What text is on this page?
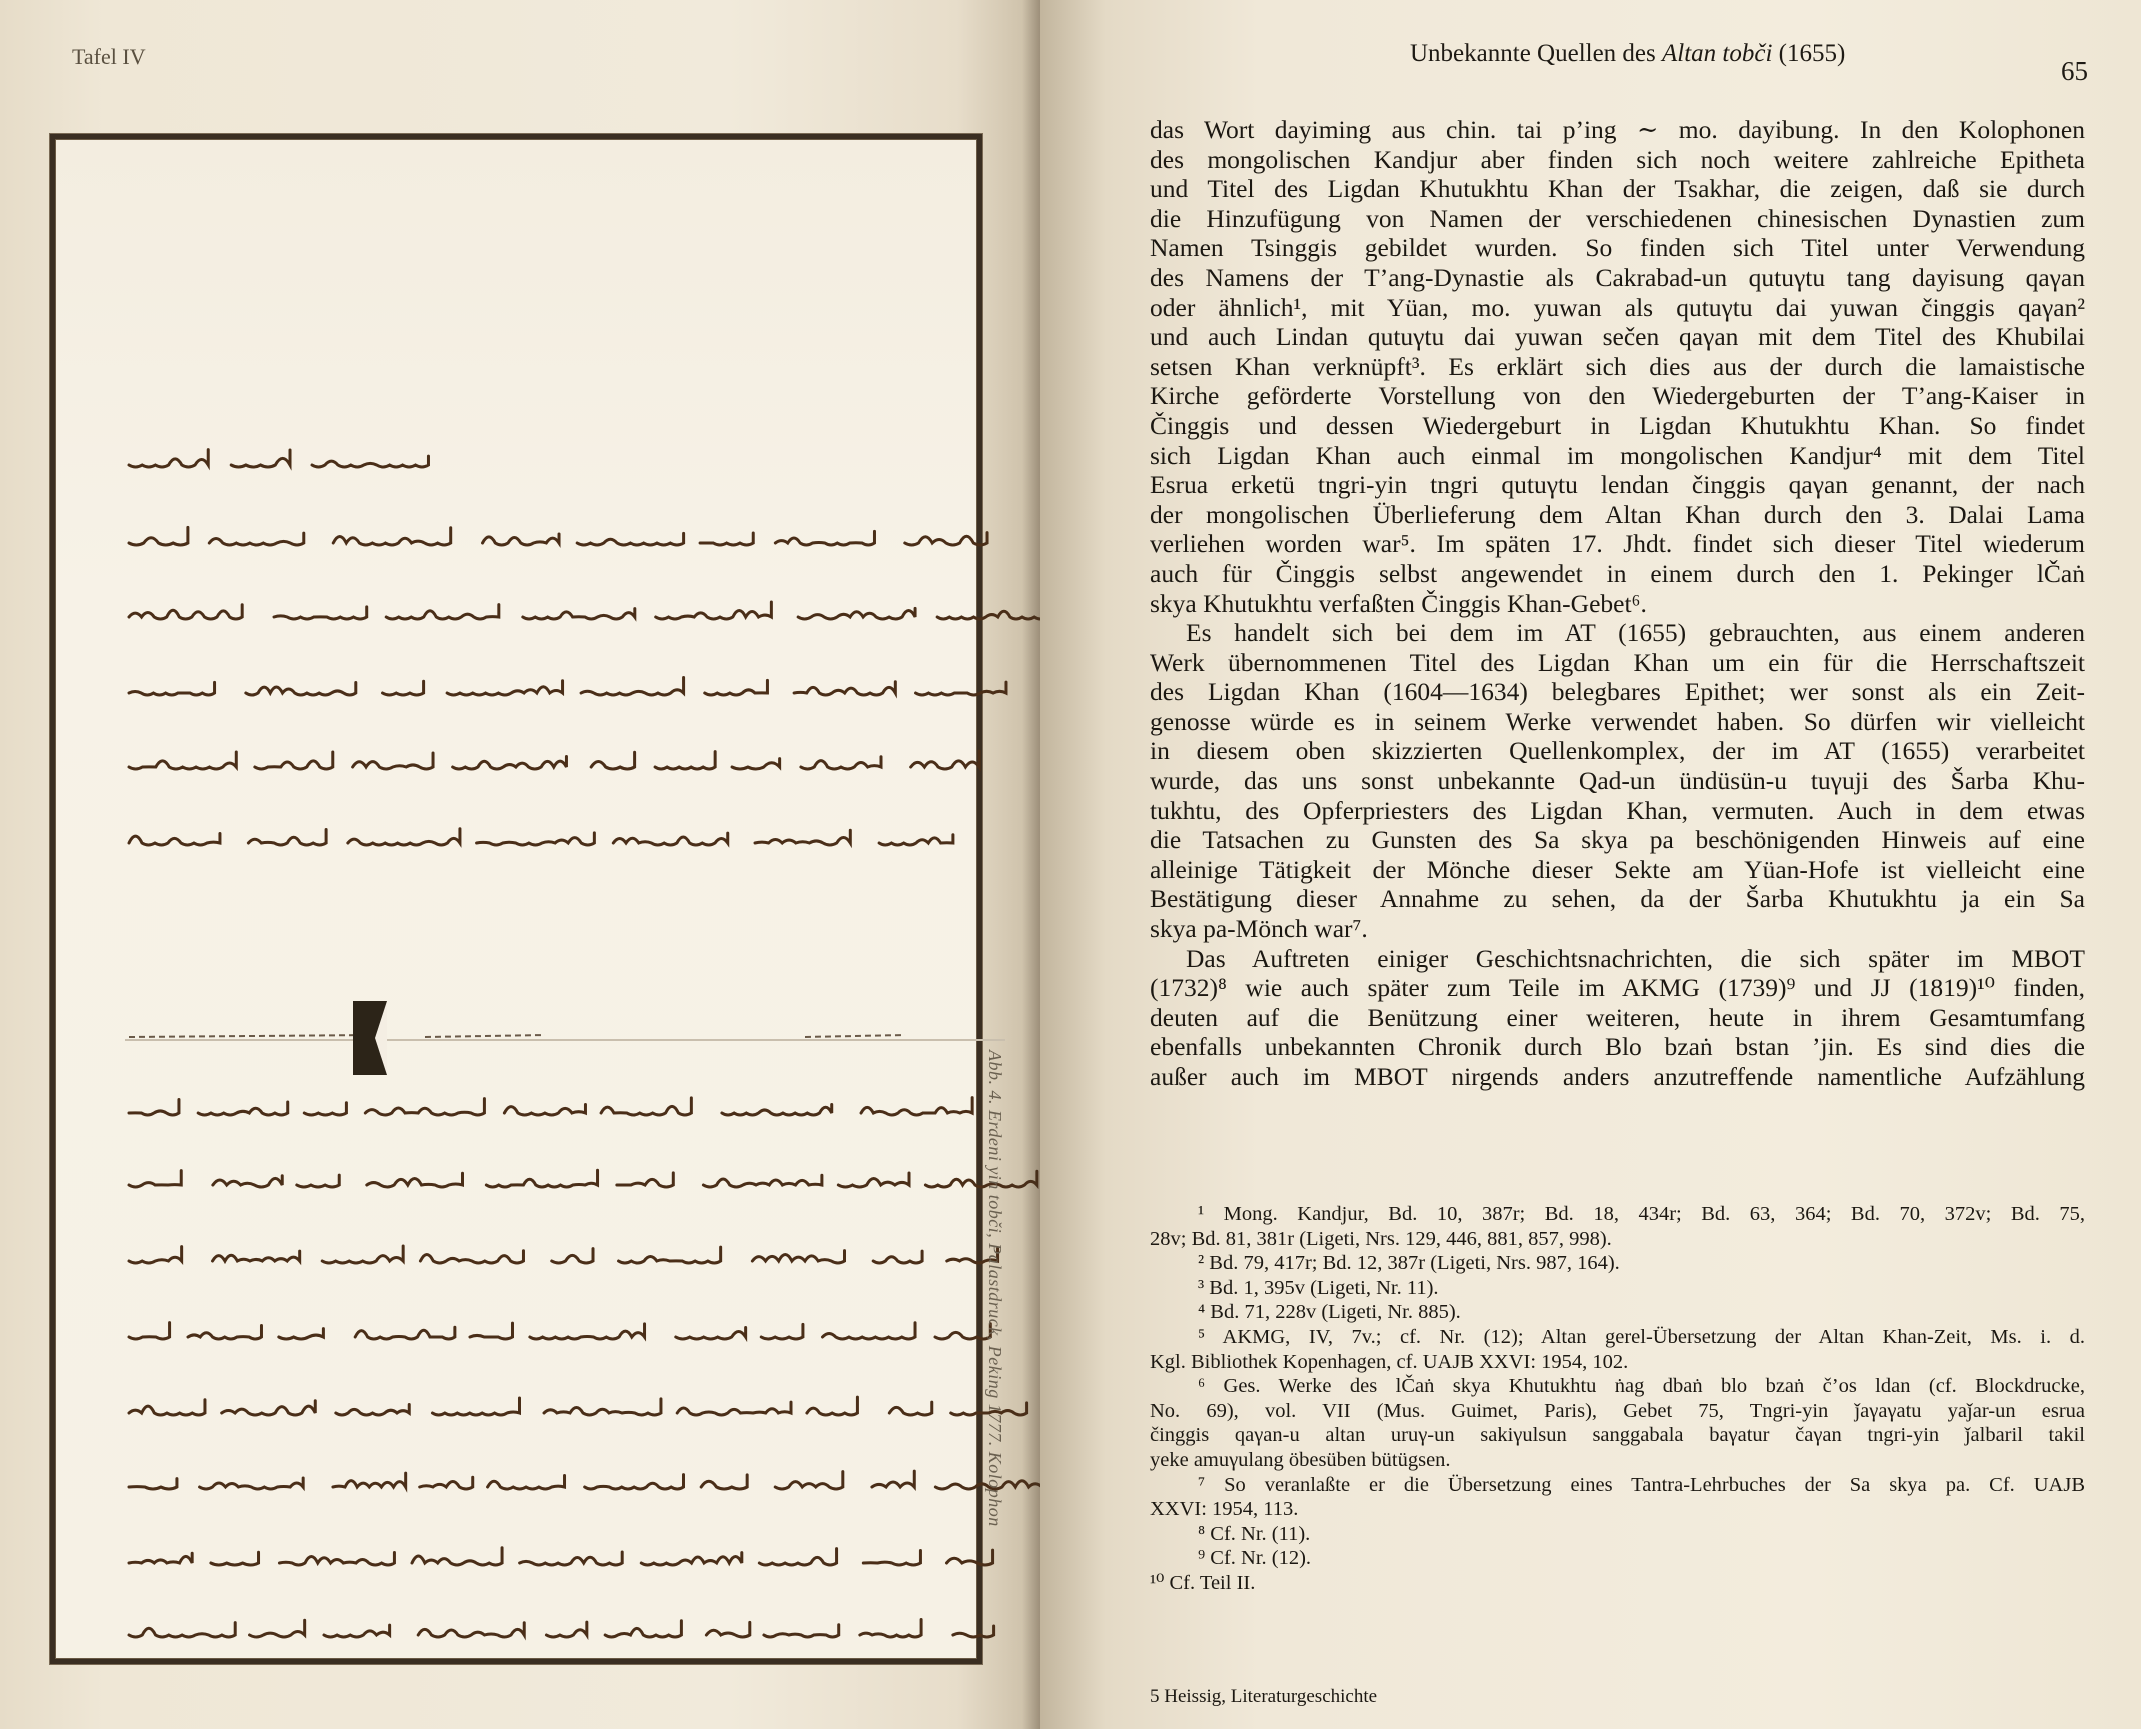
Tafel IV
Abb. 4. Erdeni yin tobči, Palastdruck, Peking 1777. Kolophon
Unbekannte Quellen des Altan tobči (1655)
65
das Wort dayiming aus chin. tai p’ing ∼ mo. dayibung. In den Kolophonen
des mongolischen Kandjur aber finden sich noch weitere zahlreiche Epitheta
und Titel des Ligdan Khutukhtu Khan der Tsakhar, die zeigen, daß sie durch
die Hinzufügung von Namen der verschiedenen chinesischen Dynastien zum
Namen Tsinggis gebildet wurden. So finden sich Titel unter Verwendung
des Namens der T’ang-Dynastie als Cakrabad-un qutuγtu tang dayisung qaγan
oder ähnlich¹, mit Yüan, mo. yuwan als qutuγtu dai yuwan činggis qaγan²
und auch Lindan qutuγtu dai yuwan sečen qaγan mit dem Titel des Khubilai
setsen Khan verknüpft³. Es erklärt sich dies aus der durch die lamaistische
Kirche geförderte Vorstellung von den Wiedergeburten der T’ang-Kaiser in
Činggis und dessen Wiedergeburt in Ligdan Khutukhtu Khan. So findet
sich Ligdan Khan auch einmal im mongolischen Kandjur⁴ mit dem Titel
Esrua erketü tngri-yin tngri qutuγtu lendan činggis qaγan genannt, der nach
der mongolischen Überlieferung dem Altan Khan durch den 3. Dalai Lama
verliehen worden war⁵. Im späten 17. Jhdt. findet sich dieser Titel wiederum
auch für Činggis selbst angewendet in einem durch den 1. Pekinger lČaṅ
skya Khutukhtu verfaßten Činggis Khan-Gebet⁶.
Es handelt sich bei dem im AT (1655) gebrauchten, aus einem anderen
Werk übernommenen Titel des Ligdan Khan um ein für die Herrschaftszeit
des Ligdan Khan (1604—1634) belegbares Epithet; wer sonst als ein Zeit-
genosse würde es in seinem Werke verwendet haben. So dürfen wir vielleicht
in diesem oben skizzierten Quellenkomplex, der im AT (1655) verarbeitet
wurde, das uns sonst unbekannte Qad-un ündüsün-u tuγuji des Šarba Khu-
tukhtu, des Opferpriesters des Ligdan Khan, vermuten. Auch in dem etwas
die Tatsachen zu Gunsten des Sa skya pa beschönigenden Hinweis auf eine
alleinige Tätigkeit der Mönche dieser Sekte am Yüan-Hofe ist vielleicht eine
Bestätigung dieser Annahme zu sehen, da der Šarba Khutukhtu ja ein Sa
skya pa-Mönch war⁷.
Das Auftreten einiger Geschichtsnachrichten, die sich später im MBOT
(1732)⁸ wie auch später zum Teile im AKMG (1739)⁹ und JJ (1819)¹⁰ finden,
deuten auf die Benützung einer weiteren, heute in ihrem Gesamtumfang
ebenfalls unbekannten Chronik durch Blo bzaṅ bstan ’jin. Es sind dies die
außer auch im MBOT nirgends anders anzutreffende namentliche Aufzählung
¹ Mong. Kandjur, Bd. 10, 387r; Bd. 18, 434r; Bd. 63, 364; Bd. 70, 372v; Bd. 75,
28v; Bd. 81, 381r (Ligeti, Nrs. 129, 446, 881, 857, 998).
² Bd. 79, 417r; Bd. 12, 387r (Ligeti, Nrs. 987, 164).
³ Bd. 1, 395v (Ligeti, Nr. 11).
⁴ Bd. 71, 228v (Ligeti, Nr. 885).
⁵ AKMG, IV, 7v.; cf. Nr. (12); Altan gerel-Übersetzung der Altan Khan-Zeit, Ms. i. d.
Kgl. Bibliothek Kopenhagen, cf. UAJB XXVI: 1954, 102.
⁶ Ges. Werke des lČaṅ skya Khutukhtu ṅag dbaṅ blo bzaṅ č’os ldan (cf. Blockdrucke,
No. 69), vol. VII (Mus. Guimet, Paris), Gebet 75, Tngri-yin ǰaγaγatu yaǰar-un esrua
činggis qaγan-u altan uruγ-un sakiγulsun sanggabala baγatur čaγan tngri-yin ǰalbaril takil
yeke amuγulang öbesüben bütügsen.
⁷ So veranlaßte er die Übersetzung eines Tantra-Lehrbuches der Sa skya pa. Cf. UAJB
XXVI: 1954, 113.
⁸ Cf. Nr. (11).
⁹ Cf. Nr. (12).
¹⁰ Cf. Teil II.
5 Heissig, Literaturgeschichte
